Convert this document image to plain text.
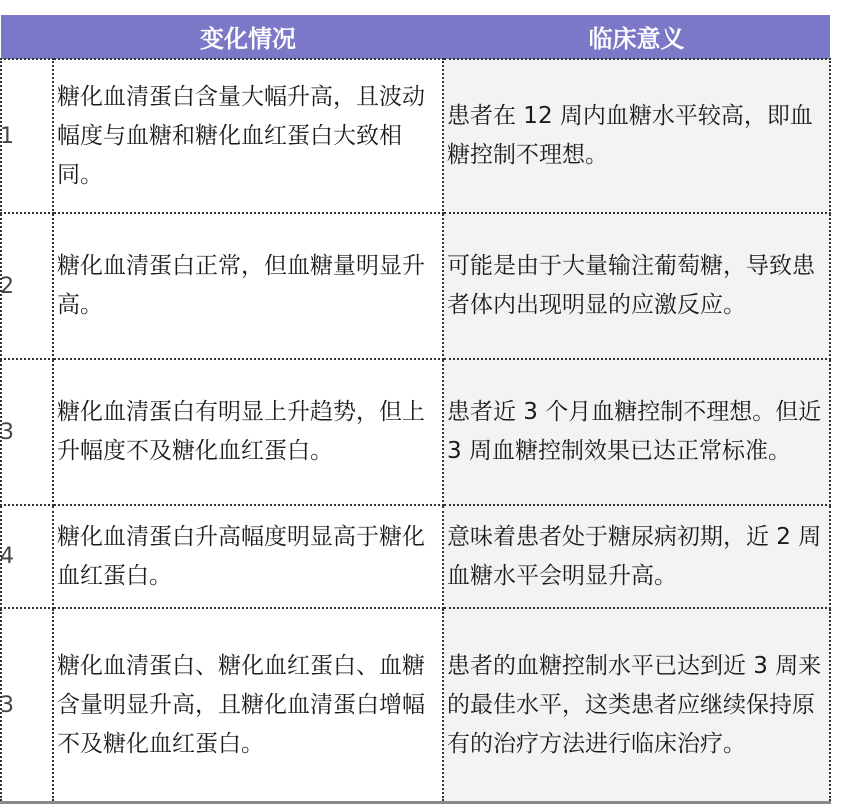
	变化情况	临床意义
1	糖化血清蛋白含量大幅升高，且波动幅度与血糖和糖化血红蛋白大致相同。	患者在 12 周内血糖水平较高，即血糖控制不理想。
2	糖化血清蛋白正常，但血糖量明显升高。	可能是由于大量输注葡萄糖，导致患者体内出现明显的应激反应。
3	糖化血清蛋白有明显上升趋势，但上升幅度不及糖化血红蛋白。	患者近 3 个月血糖控制不理想。但近 3 周血糖控制效果已达正常标准。
4	糖化血清蛋白升高幅度明显高于糖化血红蛋白。	意味着患者处于糖尿病初期，近 2 周血糖水平会明显升高。
3	糖化血清蛋白、糖化血红蛋白、血糖含量明显升高，且糖化血清蛋白增幅不及糖化血红蛋白。	患者的血糖控制水平已达到近 3 周来的最佳水平，这类患者应继续保持原有的治疗方法进行临床治疗。
